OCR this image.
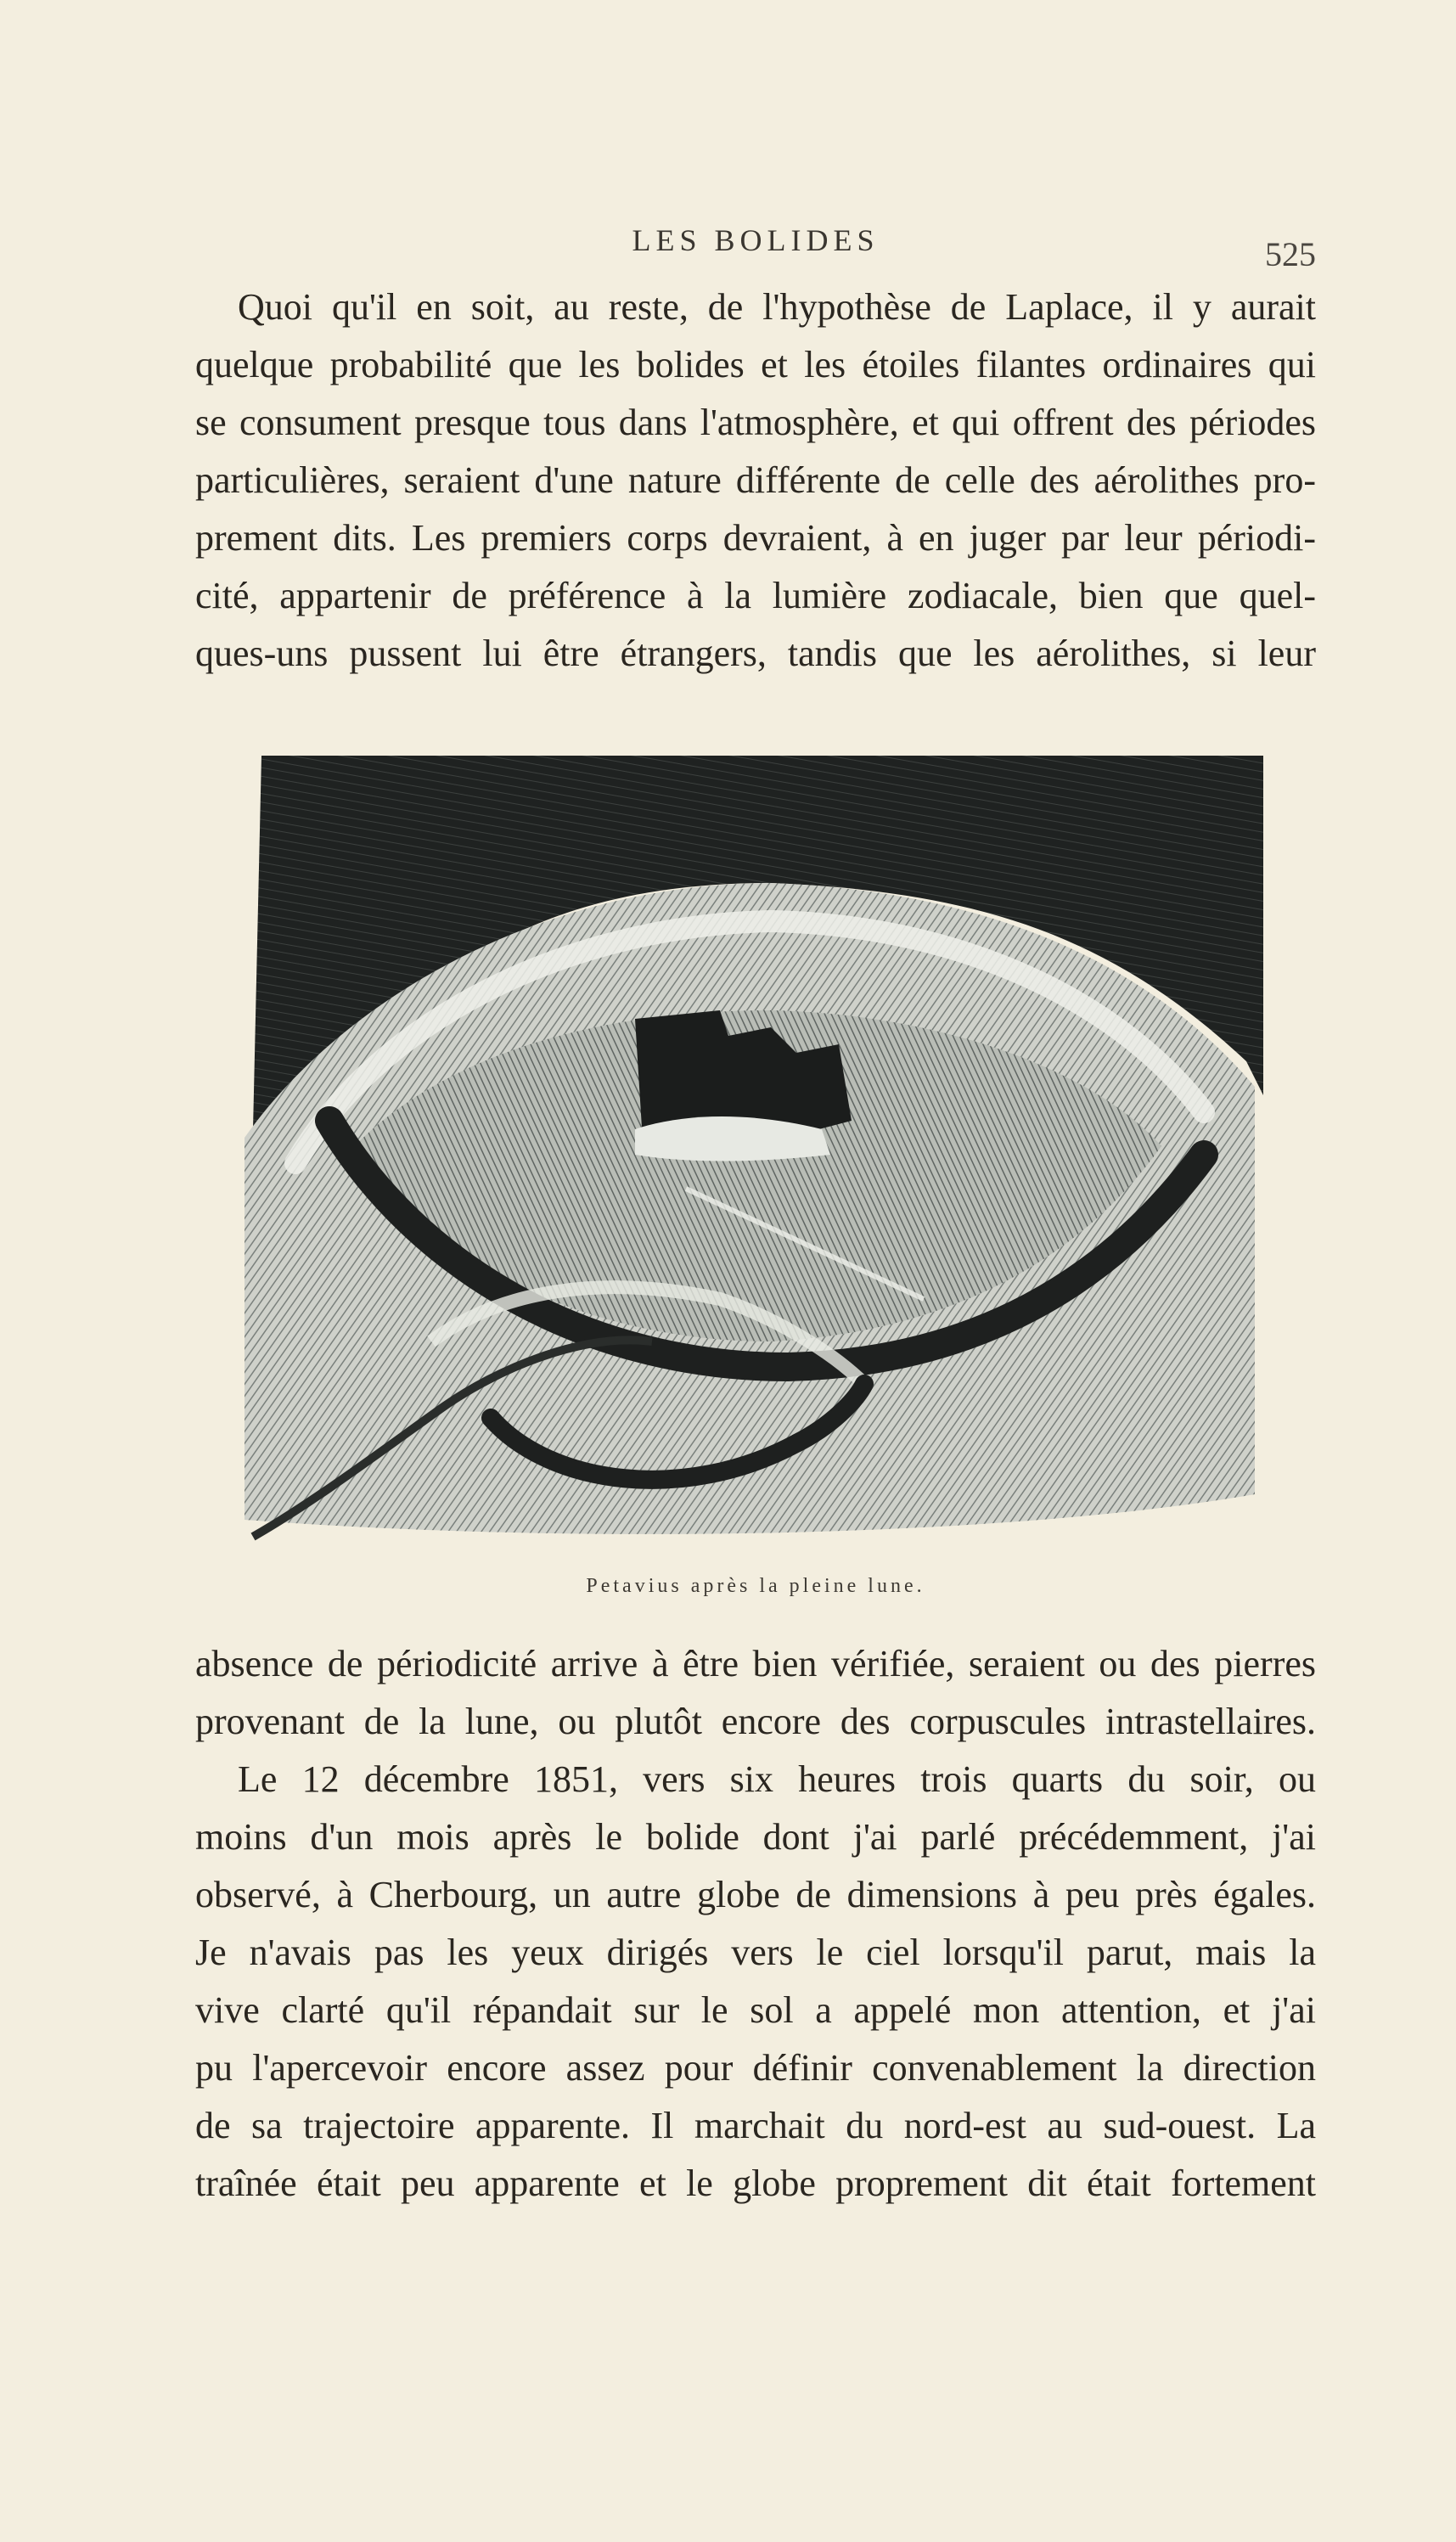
LES BOLIDES	525

Quoi qu'il en soit, au reste, de l'hypothèse de Laplace, il y aurait

quelque probabilité que les bolides et les étoiles filantes ordinaires qui

se consument presque tous dans l'atmosphère, et qui offrent des périodes

particulières, seraient d'une nature différente de celle des aérolithes pro-

prement dits. Les premiers corps devraient, à en juger par leur périodi-

cité, appartenir de préférence à la lumière zodiacale, bien que quel-

ques-uns pussent lui être étrangers, tandis que les aérolithes, si leur

Petavius après la pleine lune.

absence de périodicité arrive à être bien vérifiée, seraient ou des pierres

provenant de la lune, ou plutôt encore des corpuscules intrastellaires.

Le 12 décembre 1851, vers six heures trois quarts du soir, ou

moins d'un mois après le bolide dont j'ai parlé précédemment, j'ai

observé, à Cherbourg, un autre globe de dimensions à peu près égales.

Je n'avais pas les yeux dirigés vers le ciel lorsqu'il parut, mais la

vive clarté qu'il répandait sur le sol a appelé mon attention, et j'ai

pu l'apercevoir encore assez pour définir convenablement la direction

de sa trajectoire apparente. Il marchait du nord-est au sud-ouest. La

traînée était peu apparente et le globe proprement dit était fortement
